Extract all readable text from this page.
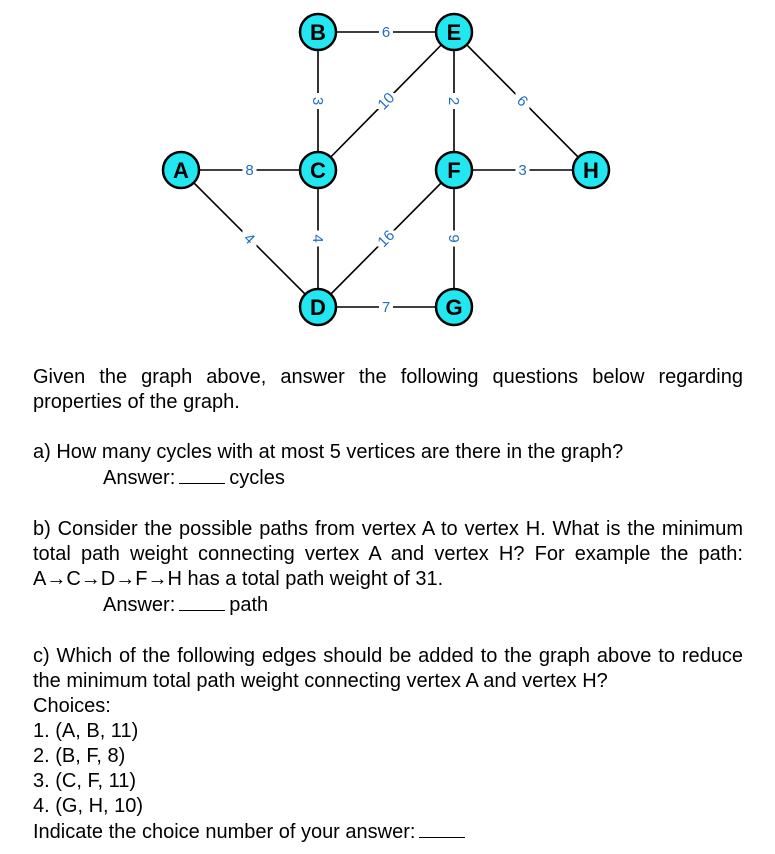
6
3	10	2	6
8	3
4	4	16	9
7
A
B
C
D
E
F
G
H
Given the graph above, answer the following questions below regarding properties of the graph.
a) How many cycles with at most 5 vertices are there in the graph?
Answer:	cycles
b) Consider the possible paths from vertex A to vertex H. What is the minimum total path weight connecting vertex A and vertex H? For example the path: A→C→D→F→H has a total path weight of 31.
Answer:	path
c) Which of the following edges should be added to the graph above to reduce the minimum total path weight connecting vertex A and vertex H?
Choices:
1. (A, B, 11)
2. (B, F, 8)
3. (C, F, 11)
4. (G, H, 10)
Indicate the choice number of your answer:
